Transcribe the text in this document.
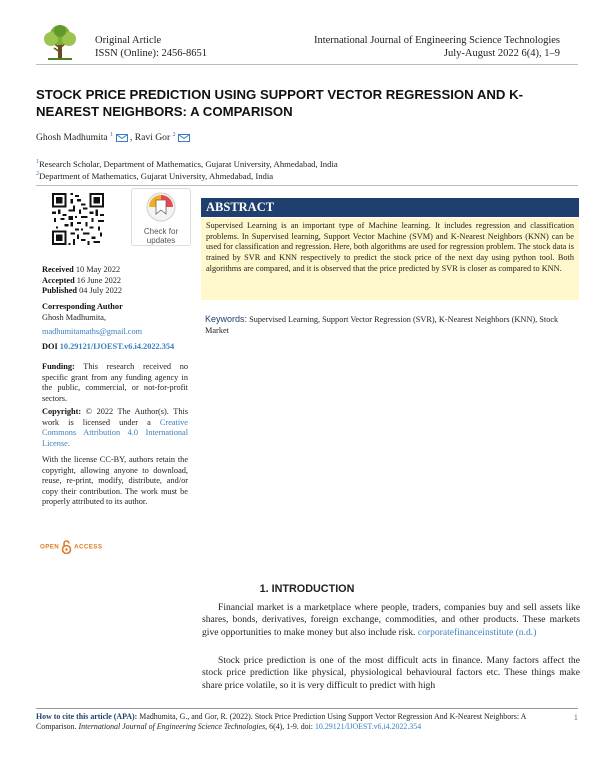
Original Article
ISSN (Online): 2456-8651
International Journal of Engineering Science Technologies
July-August 2022 6(4), 1–9
STOCK PRICE PREDICTION USING SUPPORT VECTOR REGRESSION AND K-NEAREST NEIGHBORS: A COMPARISON
Ghosh Madhumita $^1$ , Ravi Gor $^2$
$^1$Research Scholar, Department of Mathematics, Gujarat University, Ahmedabad, India
$^2$Department of Mathematics, Gujarat University, Ahmedabad, India
Check for
updates
Received 10 May 2022
Accepted 16 June 2022
Published 04 July 2022
Corresponding Author
Ghosh Madhumita,
madhumitamaths@gmail.com
DOI 10.29121/IJOEST.v6.i4.2022.354
Funding: This research received no specific grant from any funding agency in the public, commercial, or not-for-profit sectors.
Copyright: © 2022 The Author(s). This work is licensed under a Creative Commons Attribution 4.0 International License.
With the license CC-BY, authors retain the copyright, allowing anyone to download, reuse, re-print, modify, distribute, and/or copy their contribution. The work must be properly attributed to its author.
OPEN ACCESS
ABSTRACT
Supervised Learning is an important type of Machine learning. It includes regression and classification problems. In Supervised learning, Support Vector Machine (SVM) and K-Nearest Neighbors (KNN) can be used for classification and regression. Here, both algorithms are used for regression problem. The stock data is trained by SVR and KNN respectively to predict the stock price of the next day using python tool. Both algorithms are compared, and it is observed that the price predicted by SVR is closer as compared to KNN.
Keywords: Supervised Learning, Support Vector Regression (SVR), K-Nearest Neighbors (KNN), Stock Market
1. INTRODUCTION
Financial market is a marketplace where people, traders, companies buy and sell assets like shares, bonds, derivatives, foreign exchange, commodities, and other products. These markets give opportunities to make money but also include risk. corporatefinanceinstitute (n.d.)
Stock price prediction is one of the most difficult acts in finance. Many factors affect the stock price prediction like physical, physiological behavioural factors etc. These things make share price volatile, so it is very difficult to predict with high
How to cite this article (APA): Madhumita, G., and Gor, R. (2022). Stock Price Prediction Using Support Vector Regression And K-Nearest Neighbors: A Comparison. International Journal of Engineering Science Technologies, 6(4), 1-9. doi: 10.29121/IJOEST.v6.i4.2022.354
1
